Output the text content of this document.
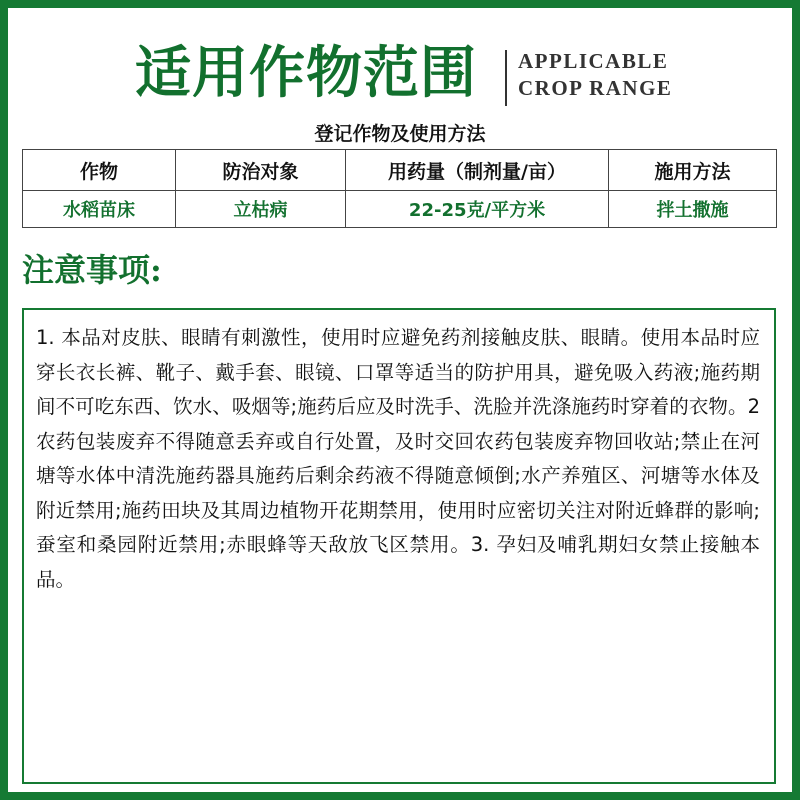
适用作物范围 APPLICABLE
CROP RANGE
登记作物及使用方法
作物	防治对象	用药量（制剂量/亩）	施用方法
水稻苗床	立枯病	22-25克/平方米	拌土撒施
注意事项:

1. 本品对皮肤、眼睛有刺激性，使用时应避免药剂接触皮肤、眼睛。使用本品时应穿长衣长裤、靴子、戴手套、眼镜、口罩等适当的防护用具，避免吸入药液;施药期间不可吃东西、饮水、吸烟等;施药后应及时洗手、洗脸并洗涤施药时穿着的衣物。2农药包装废弃不得随意丢弃或自行处置，及时交回农药包装废弃物回收站;禁止在河塘等水体中清洗施药器具施药后剩余药液不得随意倾倒;水产养殖区、河塘等水体及附近禁用;施药田块及其周边植物开花期禁用，使用时应密切关注对附近蜂群的影响;蚕室和桑园附近禁用;赤眼蜂等天敌放飞区禁用。3. 孕妇及哺乳期妇女禁止接触本品。
